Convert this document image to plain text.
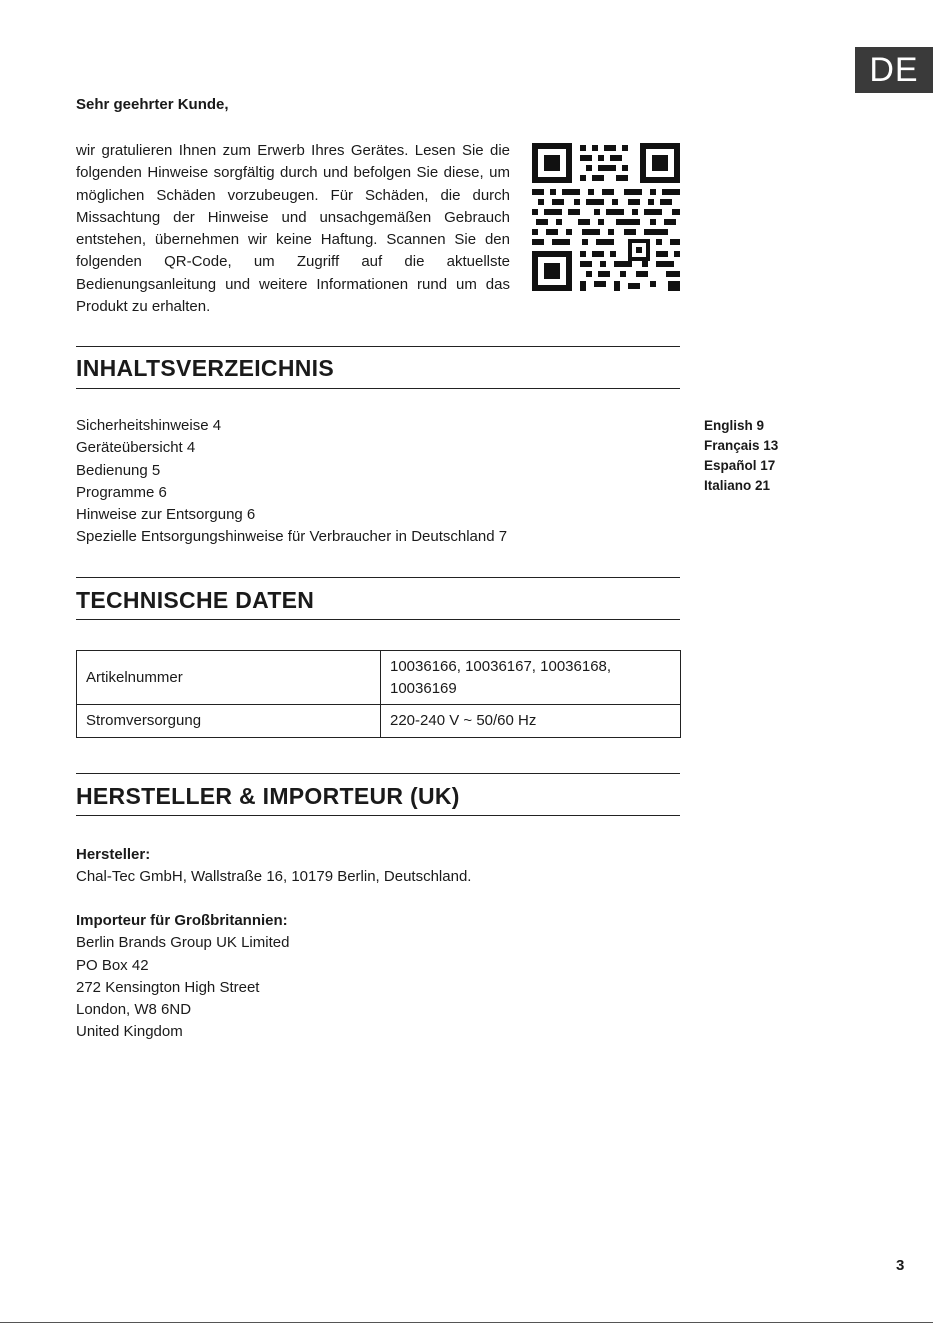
DE

Sehr geehrter Kunde,

wir gratulieren Ihnen zum Erwerb Ihres Gerätes. Lesen Sie die folgenden Hinweise sorgfältig durch und befolgen Sie diese, um möglichen Schäden vorzubeugen. Für Schäden, die durch Missachtung der Hinweise und unsachgemäßen Gebrauch entstehen, übernehmen wir keine Haftung. Scannen Sie den folgenden QR-Code, um Zugriff auf die aktuellste Bedienungsanleitung und weitere Informationen rund um das Produkt zu erhalten.

INHALTSVERZEICHNIS
Sicherheitshinweise 4
Geräteübersicht 4
Bedienung 5
Programme 6
Hinweise zur Entsorgung 6
Spezielle Entsorgungshinweise für Verbraucher in Deutschland 7
English 9
Français 13
Español 17
Italiano 21
TECHNISCHE DATEN
Artikelnummer	10036166, 10036167, 10036168, 10036169
Stromversorgung	220-240 V ~ 50/60 Hz
HERSTELLER & IMPORTEUR (UK)
Hersteller:
Chal-Tec GmbH, Wallstraße 16, 10179 Berlin, Deutschland.
Importeur für Großbritannien:
Berlin Brands Group UK Limited
PO Box 42
272 Kensington High Street
London, W8 6ND
United Kingdom
3
